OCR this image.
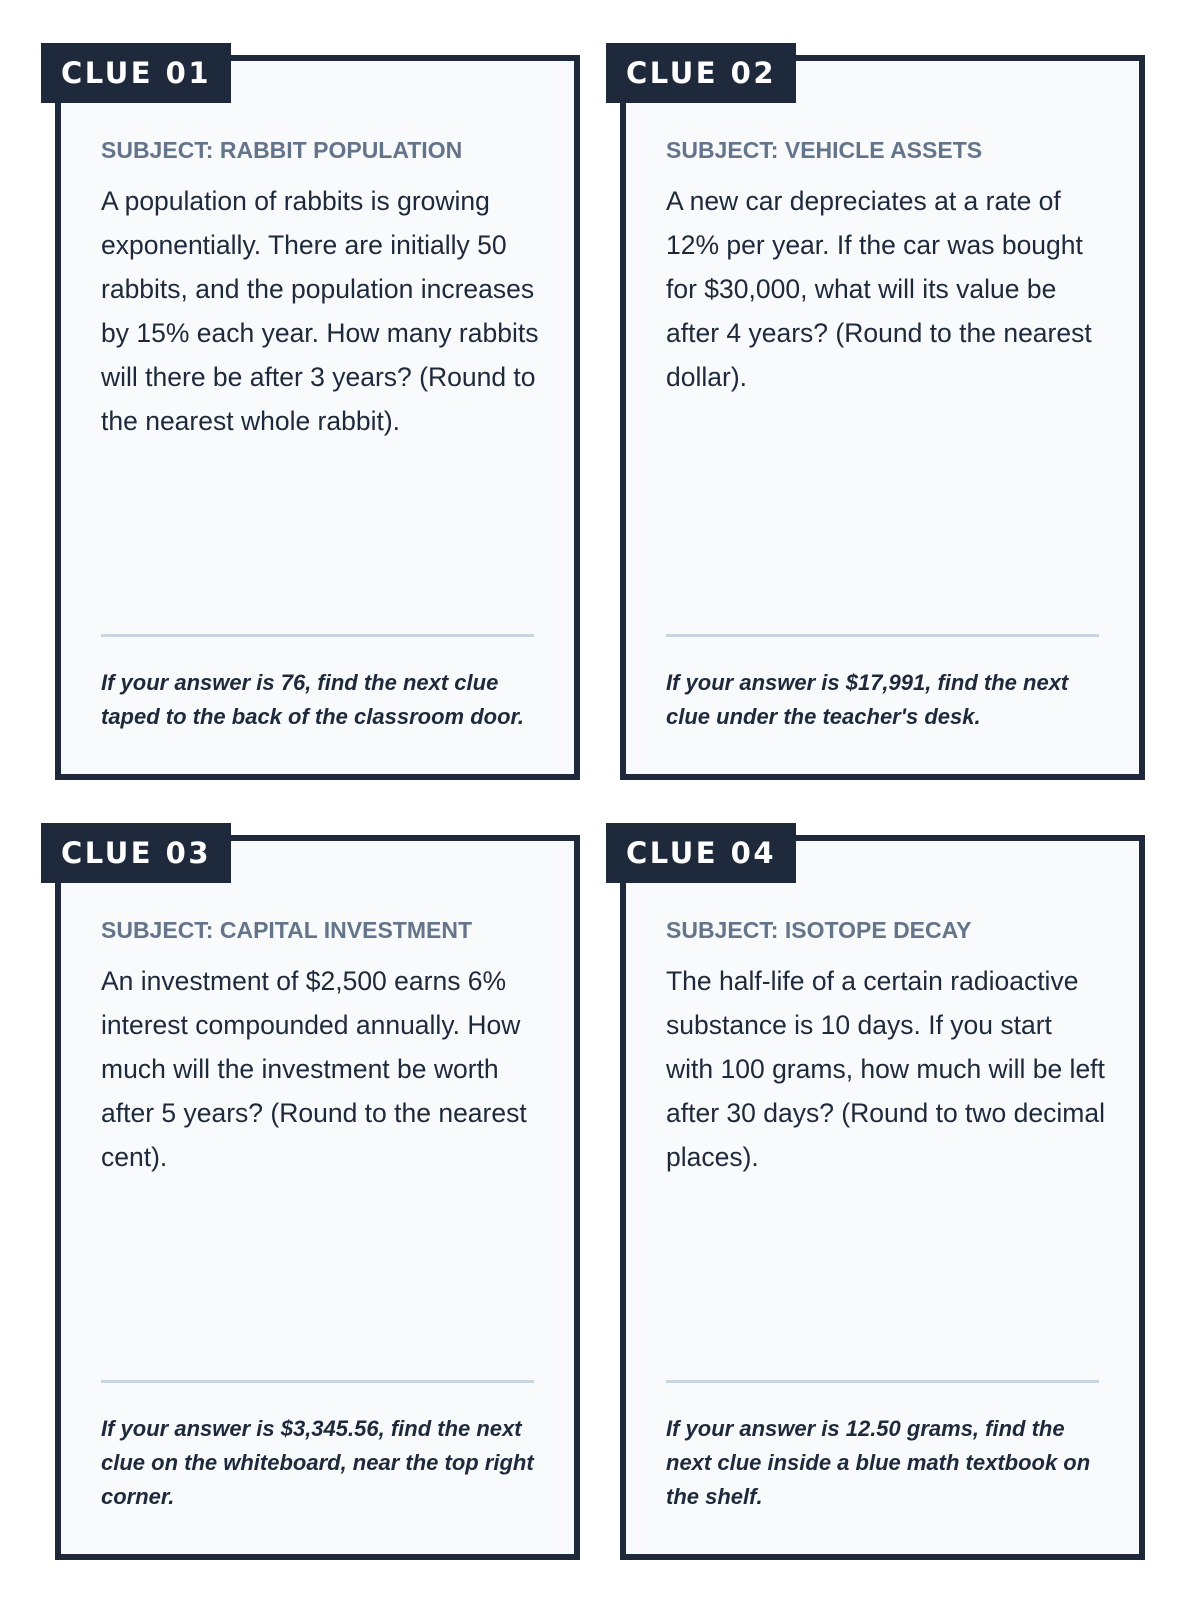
CLUE 01
SUBJECT: RABBIT POPULATION
A population of rabbits is growing exponentially. There are initially 50 rabbits, and the population increases by 15% each year. How many rabbits will there be after 3 years? (Round to the nearest whole rabbit).
If your answer is 76, find the next clue taped to the back of the classroom door.
CLUE 02
SUBJECT: VEHICLE ASSETS
A new car depreciates at a rate of 12% per year. If the car was bought for $30,000, what will its value be after 4 years? (Round to the nearest dollar).
If your answer is $17,991, find the next clue under the teacher's desk.
CLUE 03
SUBJECT: CAPITAL INVESTMENT
An investment of $2,500 earns 6% interest compounded annually. How much will the investment be worth after 5 years? (Round to the nearest cent).
If your answer is $3,345.56, find the next clue on the whiteboard, near the top right corner.
CLUE 04
SUBJECT: ISOTOPE DECAY
The half-life of a certain radioactive substance is 10 days. If you start with 100 grams, how much will be left after 30 days? (Round to two decimal places).
If your answer is 12.50 grams, find the next clue inside a blue math textbook on the shelf.
